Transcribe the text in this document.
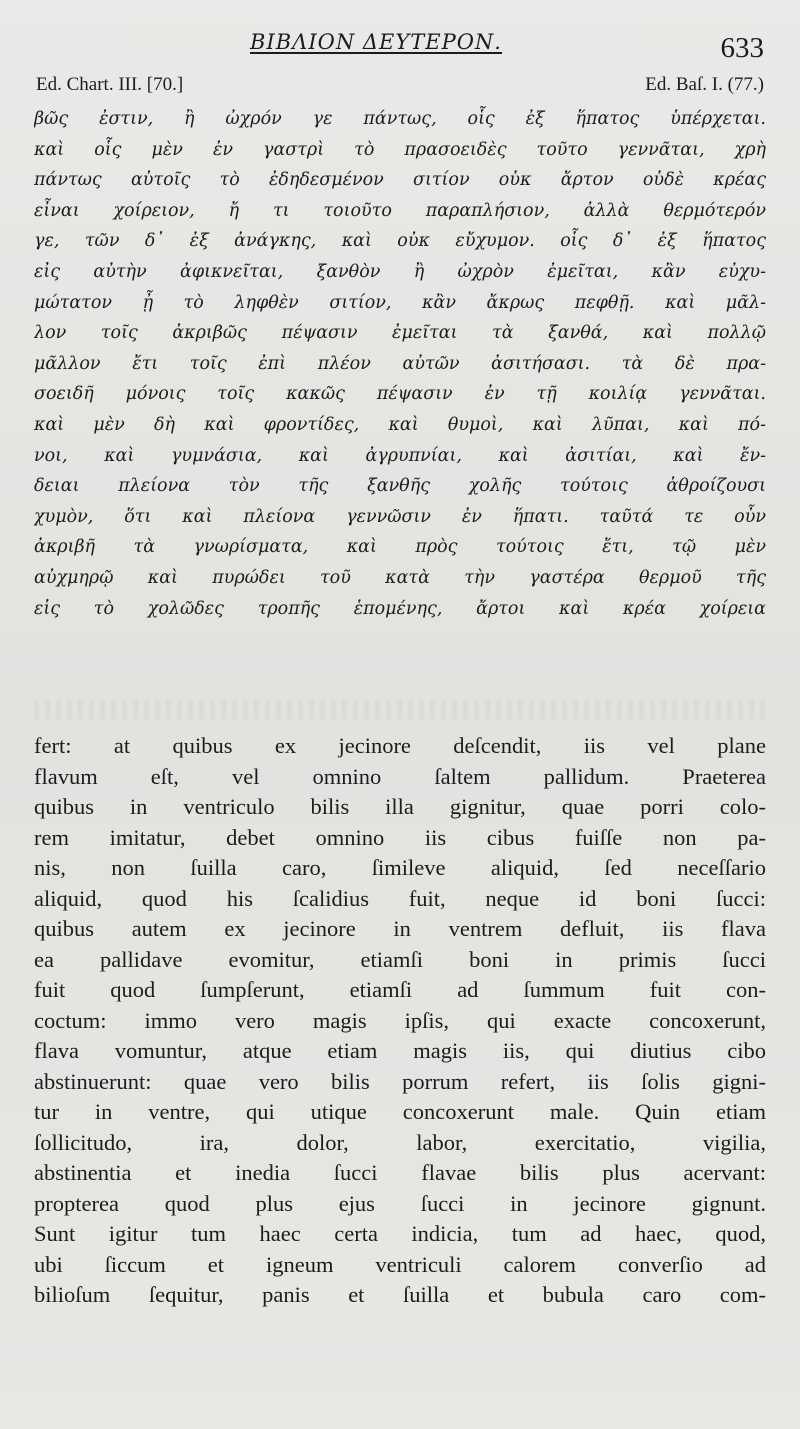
BIBΛΙΟΝ ΔΕΥΤΕΡΟΝ.	633
Ed. Chart. III. [70.]	Ed. Baſ. I. (77.)
βῶς ἐστιν, ἢ ὠχρόν γε πάντως, οἷς ἐξ ἥπατος ὑπέρχεται.
καὶ οἷς μὲν ἐν γαστρὶ τὸ πρασοειδὲς τοῦτο γεννᾶται, χρὴ
πάντως αὐτοῖς τὸ ἐδηδεσμένον σιτίον οὐκ ἄρτον οὐδὲ κρέας
εἶναι χοίρειον, ἤ τι τοιοῦτο παραπλήσιον, ἀλλὰ θερμότερόν
γε, τῶν δ᾽ ἐξ ἀνάγκης, καὶ οὐκ εὔχυμον. οἷς δ᾽ ἐξ ἥπατος
εἰς αὐτὴν ἀφικνεῖται, ξανθὸν ἢ ὠχρὸν ἐμεῖται, κἂν εὐχυ-
μώτατον ᾖ τὸ ληφθὲν σιτίον, κἂν ἄκρως πεφθῇ. καὶ μᾶλ-
λον τοῖς ἀκριβῶς πέψασιν ἐμεῖται τὰ ξανθά, καὶ πολλῷ
μᾶλλον ἔτι τοῖς ἐπὶ πλέον αὐτῶν ἀσιτήσασι. τὰ δὲ πρα-
σοειδῆ μόνοις τοῖς κακῶς πέψασιν ἐν τῇ κοιλίᾳ γεννᾶται.
καὶ μὲν δὴ καὶ φροντίδες, καὶ θυμοὶ, καὶ λῦπαι, καὶ πό-
νοι, καὶ γυμνάσια, καὶ ἀγρυπνίαι, καὶ ἀσιτίαι, καὶ ἔν-
δειαι πλείονα τὸν τῆς ξανθῆς χολῆς τούτοις ἀθροίζουσι
χυμὸν, ὅτι καὶ πλείονα γεννῶσιν ἐν ἥπατι. ταῦτά τε οὖν
ἀκριβῆ τὰ γνωρίσματα, καὶ πρὸς τούτοις ἔτι, τῷ μὲν
αὐχμηρῷ καὶ πυρώδει τοῦ κατὰ τὴν γαστέρα θερμοῦ τῆς
εἰς τὸ χολῶδες τροπῆς ἑπομένης, ἄρτοι καὶ κρέα χοίρεια
fert: at quibus ex jecinore deſcendit, iis vel plane
flavum eſt, vel omnino ſaltem pallidum. Praeterea
quibus in ventriculo bilis illa gignitur, quae porri colo-
rem imitatur, debet omnino iis cibus fuiſſe non pa-
nis, non ſuilla caro, ſimileve aliquid, ſed neceſſario
aliquid, quod his ſcalidius fuit, neque id boni ſucci:
quibus autem ex jecinore in ventrem defluit, iis flava
ea pallidave evomitur, etiamſi boni in primis ſucci
fuit quod ſumpſerunt, etiamſi ad ſummum fuit con-
coctum: immo vero magis ipſis, qui exacte concoxerunt,
flava vomuntur, atque etiam magis iis, qui diutius cibo
abstinuerunt: quae vero bilis porrum refert, iis ſolis gigni-
tur in ventre, qui utique concoxerunt male. Quin etiam
ſollicitudo, ira, dolor, labor, exercitatio, vigilia,
abstinentia et inedia ſucci flavae bilis plus acervant:
propterea quod plus ejus ſucci in jecinore gignunt.
Sunt igitur tum haec certa indicia, tum ad haec, quod,
ubi ſiccum et igneum ventriculi calorem converſio ad
bilioſum ſequitur, panis et ſuilla et bubula caro com-
